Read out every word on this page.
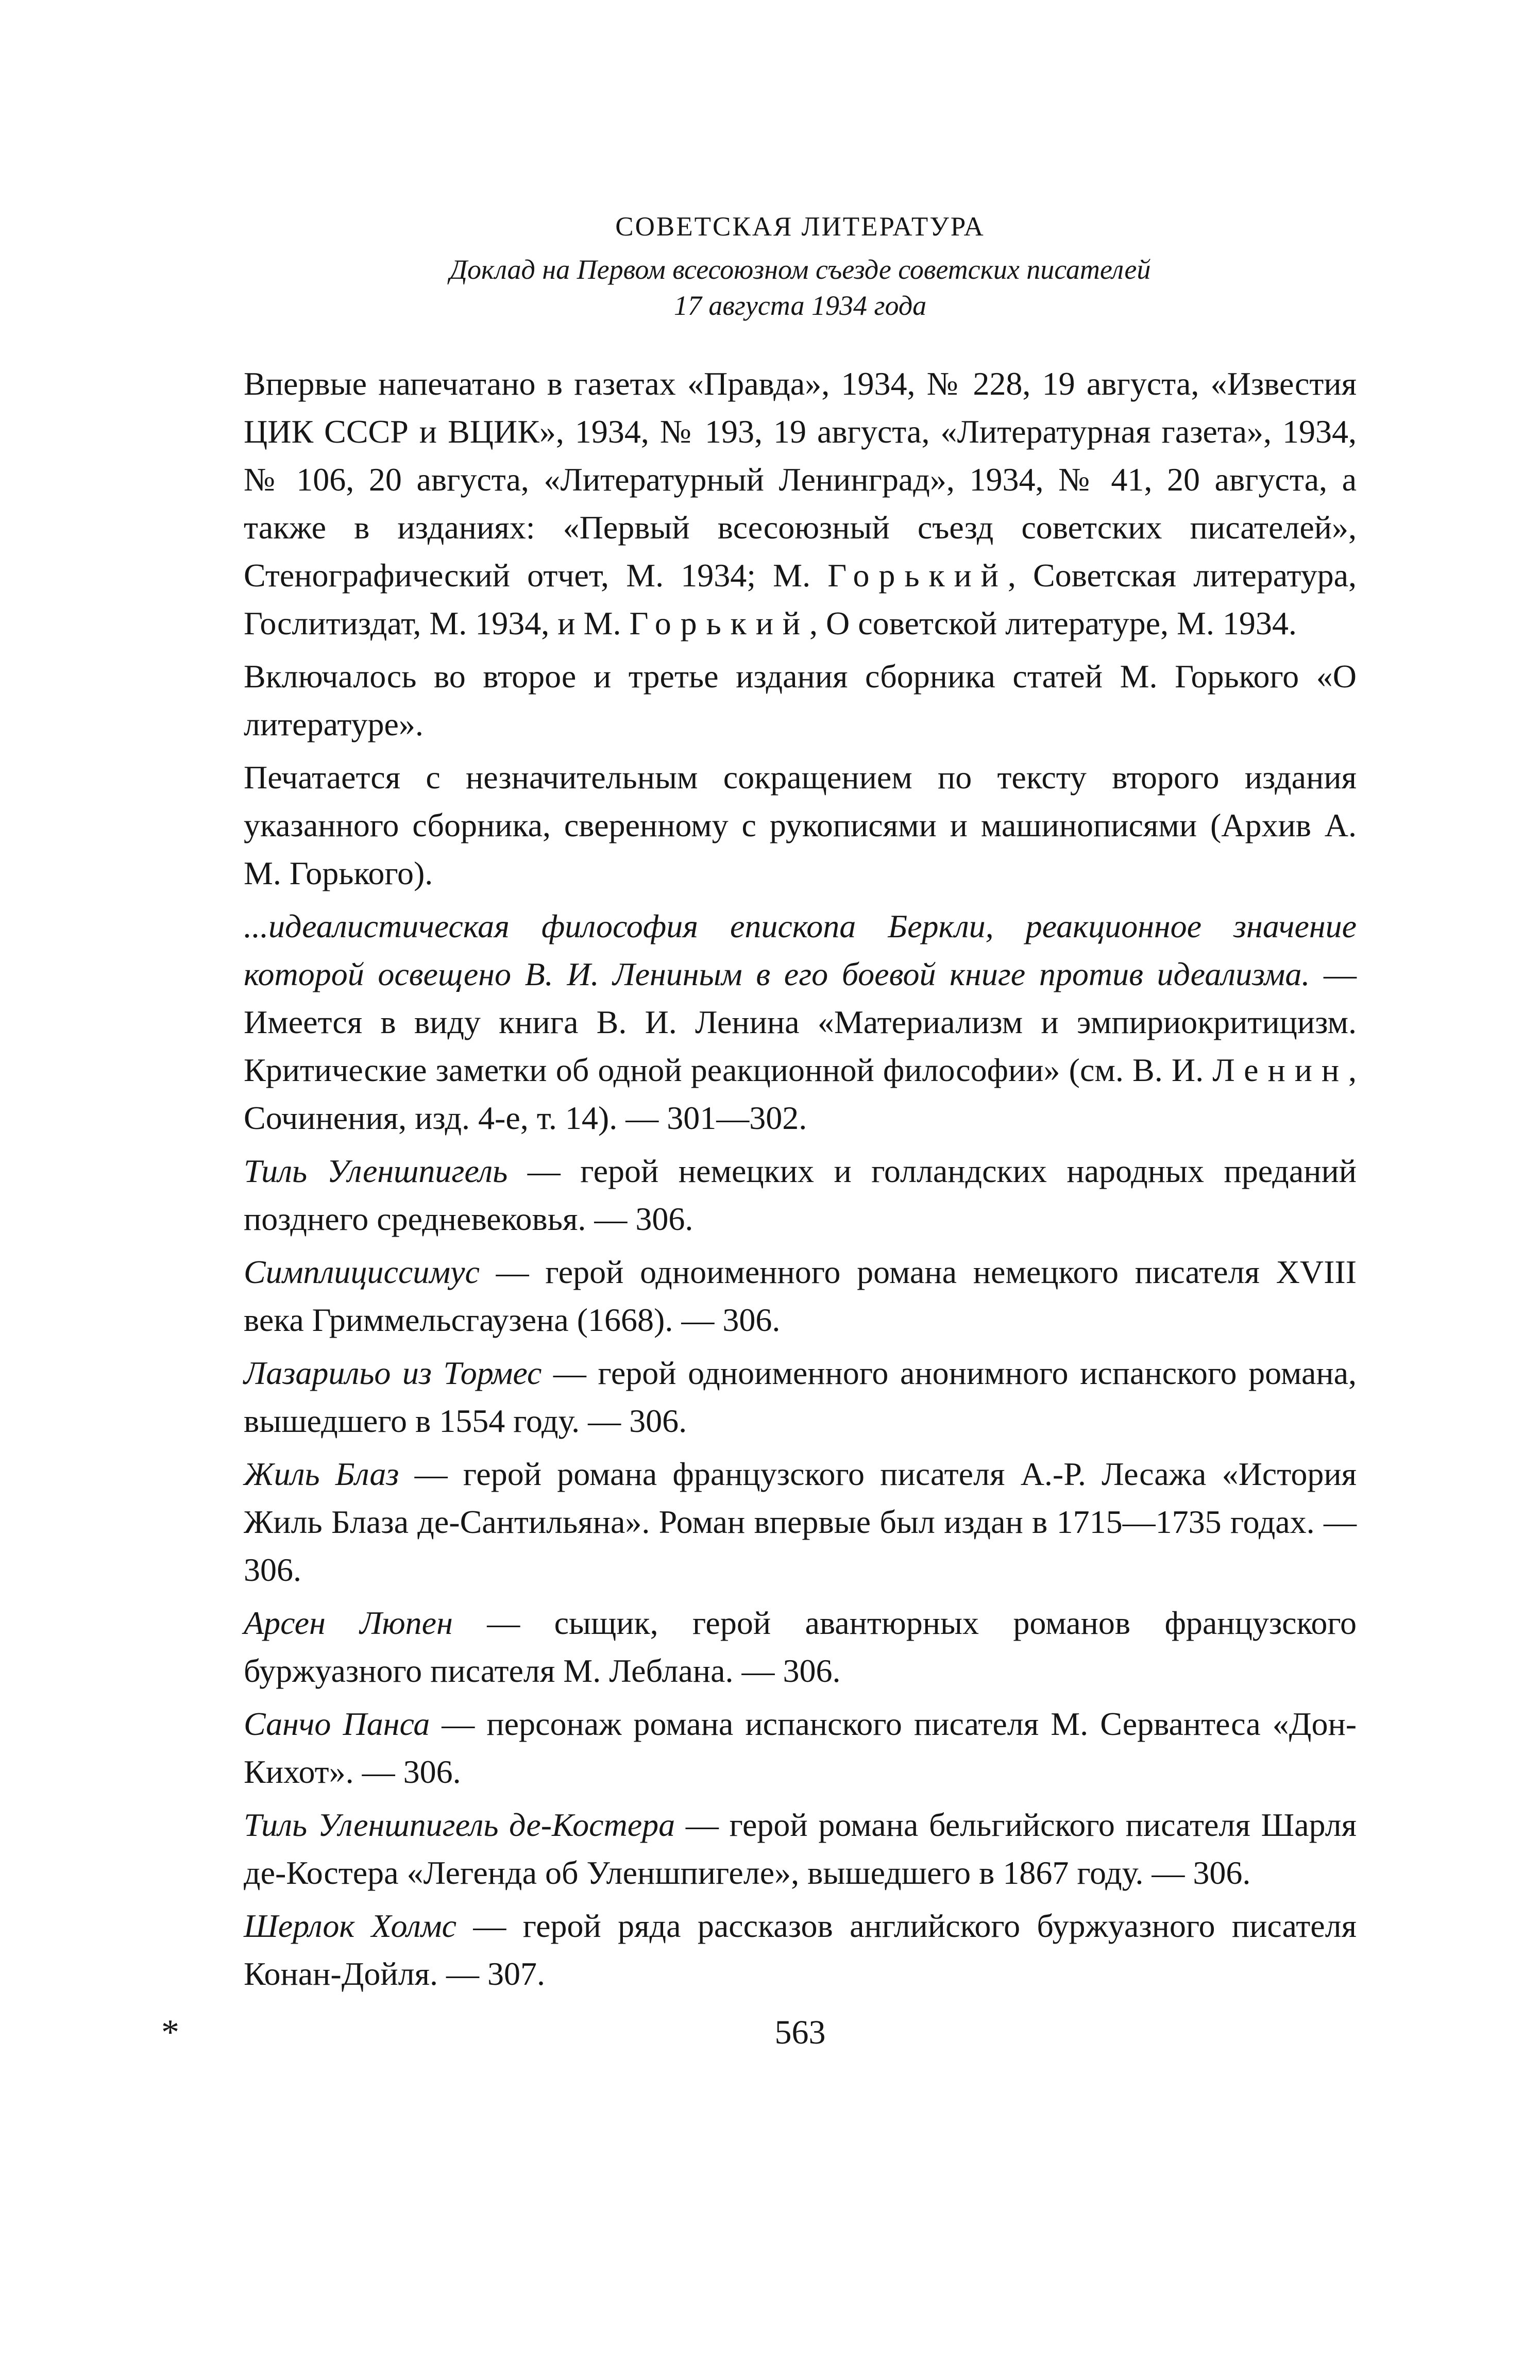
СОВЕТСКАЯ ЛИТЕРАТУРА
Доклад на Первом всесоюзном съезде советских писателей
17 августа 1934 года

Впервые напечатано в газетах «Правда», 1934, № 228, 19 августа, «Известия ЦИК СССР и ВЦИК», 1934, № 193, 19 августа, «Литературная газета», 1934, № 106, 20 августа, «Литературный Ленинград», 1934, № 41, 20 августа, а также в изданиях: «Первый всесоюзный съезд советских писателей», Стенографический отчет, М. 1934; М. Горький, Советская литература, Гослитиздат, М. 1934, и М. Горький, О советской литературе, М. 1934.

Включалось во второе и третье издания сборника статей М. Горького «О литературе».

Печатается с незначительным сокращением по тексту второго издания указанного сборника, сверенному с рукописями и машинописями (Архив А. М. Горького).

...идеалистическая философия епископа Беркли, реакционное значение которой освещено В. И. Лениным в его боевой книге против идеализма. — Имеется в виду книга В. И. Ленина «Материализм и эмпириокритицизм. Критические заметки об одной реакционной философии» (см. В. И. Ленин, Сочинения, изд. 4-е, т. 14). — 301—302.

Тиль Уленшпигель — герой немецких и голландских народных преданий позднего средневековья. — 306.

Симплициссимус — герой одноименного романа немецкого писателя XVIII века Гриммельсгаузена (1668). — 306.

Лазарильо из Тормес — герой одноименного анонимного испанского романа, вышедшего в 1554 году. — 306.

Жиль Блаз — герой романа французского писателя А.-Р. Лесажа «История Жиль Блаза де-Сантильяна». Роман впервые был издан в 1715—1735 годах. — 306.

Арсен Люпен — сыщик, герой авантюрных романов французского буржуазного писателя М. Леблана. — 306.

Санчо Панса — персонаж романа испанского писателя М. Сервантеса «Дон-Кихот». — 306.

Тиль Уленшпигель де-Костера — герой романа бельгийского писателя Шарля де-Костера «Легенда об Уленшпигеле», вышедшего в 1867 году. — 306.

Шерлок Холмс — герой ряда рассказов английского буржуазного писателя Конан-Дойля. — 307.

*	563
